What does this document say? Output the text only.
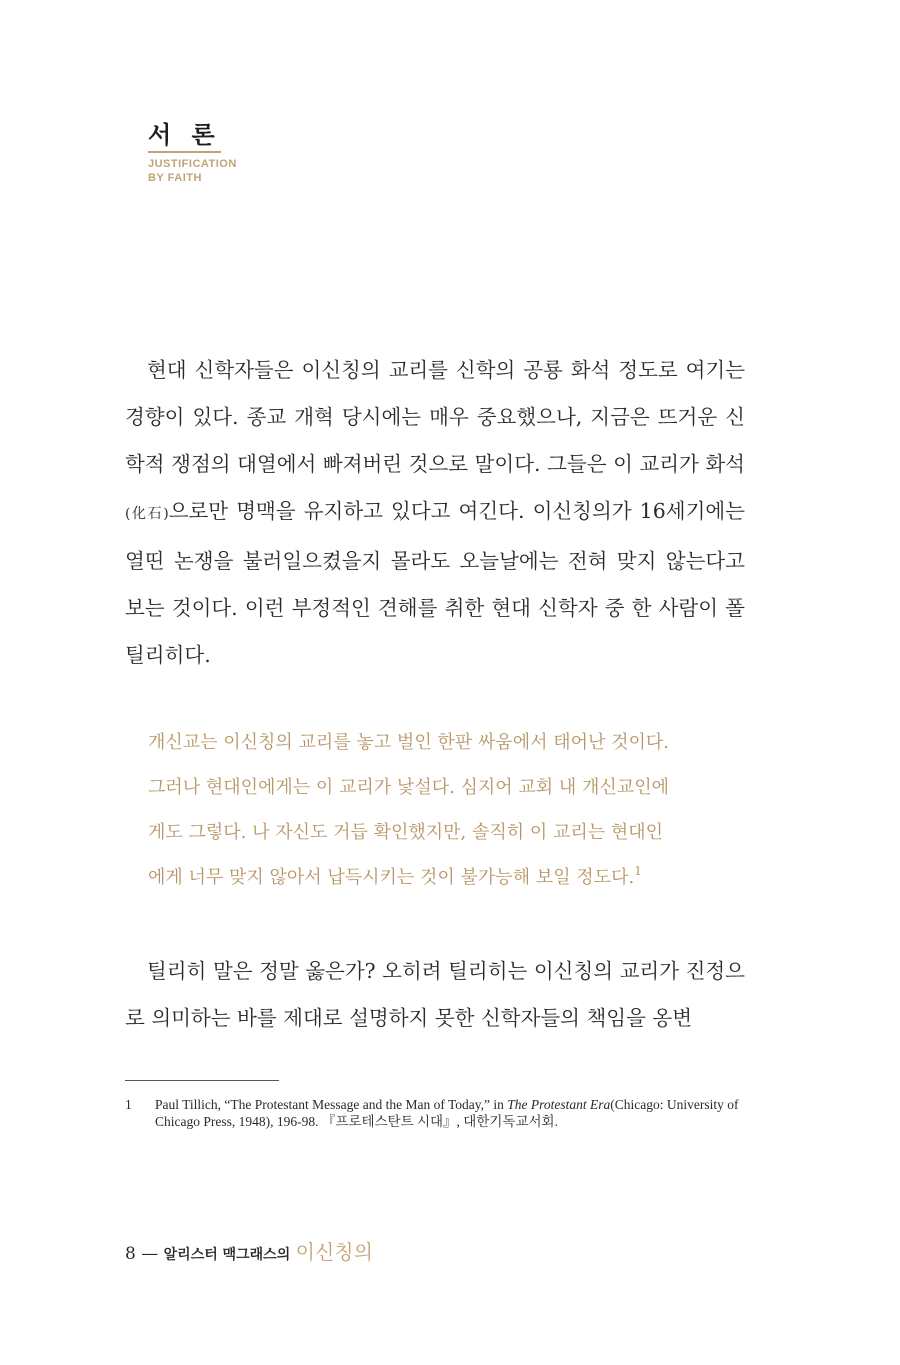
서 론
JUSTIFICATION
BY FAITH

현대 신학자들은 이신칭의 교리를 신학의 공룡 화석 정도로 여기는 경향이 있다. 종교 개혁 당시에는 매우 중요했으나, 지금은 뜨거운 신학적 쟁점의 대열에서 빠져버린 것으로 말이다. 그들은 이 교리가 화석(化石)으로만 명맥을 유지하고 있다고 여긴다. 이신칭의가 16세기에는 열띤 논쟁을 불러일으켰을지 몰라도 오늘날에는 전혀 맞지 않는다고 보는 것이다. 이런 부정적인 견해를 취한 현대 신학자 중 한 사람이 폴 틸리히다.

개신교는 이신칭의 교리를 놓고 벌인 한판 싸움에서 태어난 것이다.
그러나 현대인에게는 이 교리가 낯설다. 심지어 교회 내 개신교인에
게도 그렇다. 나 자신도 거듭 확인했지만, 솔직히 이 교리는 현대인
에게 너무 맞지 않아서 납득시키는 것이 불가능해 보일 정도다.$^1$

틸리히 말은 정말 옳은가? 오히려 틸리히는 이신칭의 교리가 진정으로 의미하는 바를 제대로 설명하지 못한 신학자들의 책임을 옹변

1 Paul Tillich, “The Protestant Message and the Man of Today,” in The Protestant Era(Chicago: University of Chicago Press, 1948), 196-98. 『프로테스탄트 시대』, 대한기독교서회.
8 — 알리스터 맥그래스의 이신칭의
